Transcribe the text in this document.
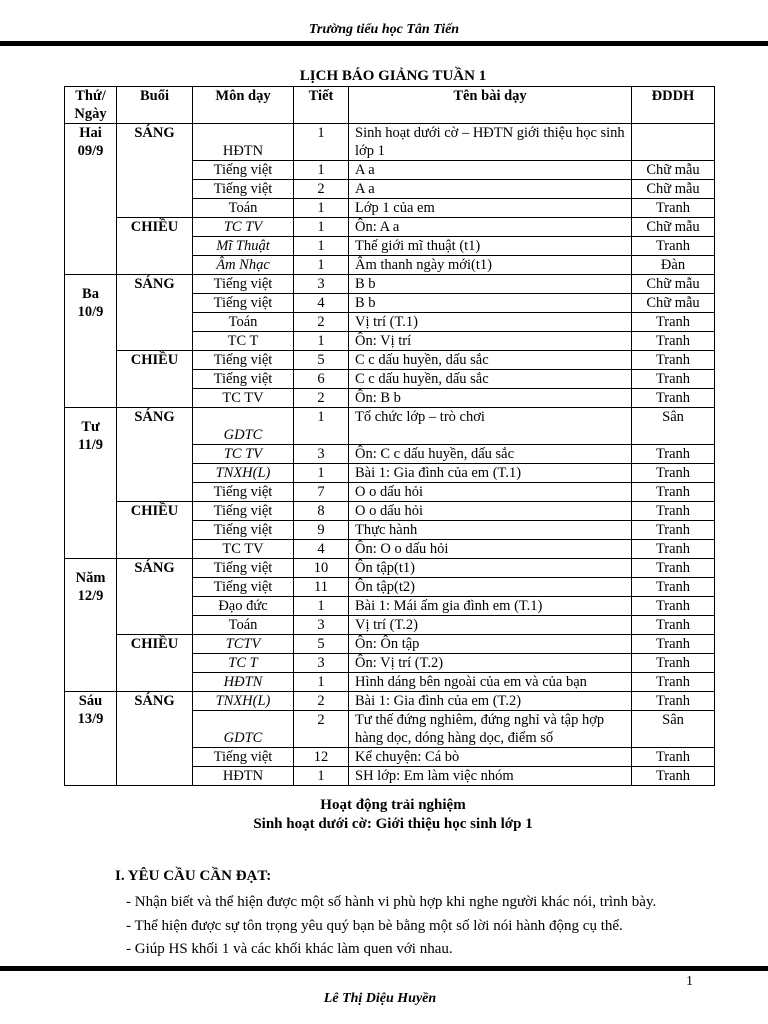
Trường tiểu học Tân Tiến
LỊCH BÁO GIẢNG TUẦN 1
Thứ/ Ngày	Buổi	Môn dạy	Tiết	Tên bài dạy	ĐDDH
Hai
09/9	SÁNG	HĐTN	1	Sinh hoạt dưới cờ – HĐTN giới thiệu học sinh lớp 1	
		Tiếng việt	1	A a	Chữ mẫu
		Tiếng việt	2	A a	Chữ mẫu
		Toán	1	Lớp 1 của em	Tranh
	CHIỀU	TC TV	1	Ôn: A a	Chữ mẫu
		Mĩ Thuật	1	Thế giới mĩ thuật (t1)	Tranh
		Âm Nhạc	1	Âm thanh ngày mới(t1)	Đàn
Ba
10/9	SÁNG	Tiếng việt	3	B b	Chữ mẫu
		Tiếng việt	4	B b	Chữ mẫu
		Toán	2	Vị trí (T.1)	Tranh
		TC T	1	Ôn: Vị trí	Tranh
	CHIỀU	Tiếng việt	5	C c dấu huyền, dấu sắc	Tranh
		Tiếng việt	6	C c dấu huyền, dấu sắc	Tranh
		TC TV	2	Ôn: B b	Tranh
Tư
11/9	SÁNG	GDTC	1	Tổ chức lớp – trò chơi	Sân
		TC TV	3	Ôn: C c dấu huyền, dấu sắc	Tranh
		TNXH(L)	1	Bài 1: Gia đình của em (T.1)	Tranh
		Tiếng việt	7	O o dấu hỏi	Tranh
	CHIỀU	Tiếng việt	8	O o dấu hỏi	Tranh
		Tiếng việt	9	Thực hành	Tranh
		TC TV	4	Ôn: O o dấu hỏi	Tranh
Năm
12/9	SÁNG	Tiếng việt	10	Ôn tập(t1)	Tranh
		Tiếng việt	11	Ôn tập(t2)	Tranh
		Đạo đức	1	Bài 1: Mái ấm gia đình em (T.1)	Tranh
		Toán	3	Vị trí (T.2)	Tranh
	CHIỀU	TCTV	5	Ôn: Ôn tập	Tranh
		TC T	3	Ôn: Vị trí (T.2)	Tranh
		HĐTN	1	Hình dáng bên ngoài của em và của bạn	Tranh
Sáu
13/9	SÁNG	TNXH(L)	2	Bài 1: Gia đình của em (T.2)	Tranh
		GDTC	2	Tư thế đứng nghiêm, đứng nghỉ và tập hợp hàng dọc, dóng hàng dọc, điểm số	Sân
		Tiếng việt	12	Kể chuyện: Cá bò	Tranh
		HĐTN	1	SH lớp: Em làm việc nhóm	Tranh
Hoạt động trải nghiệm
Sinh hoạt dưới cờ: Giới thiệu học sinh lớp 1
I. YÊU CẦU CẦN ĐẠT:
- Nhận biết và thể hiện được một số hành vi phù hợp khi nghe người khác nói, trình bày.
- Thể hiện được sự tôn trọng yêu quý bạn bè bằng một số lời nói hành động cụ thể.
- Giúp HS khối 1 và các khối khác làm quen với nhau.
1
Lê Thị Diệu Huyền
